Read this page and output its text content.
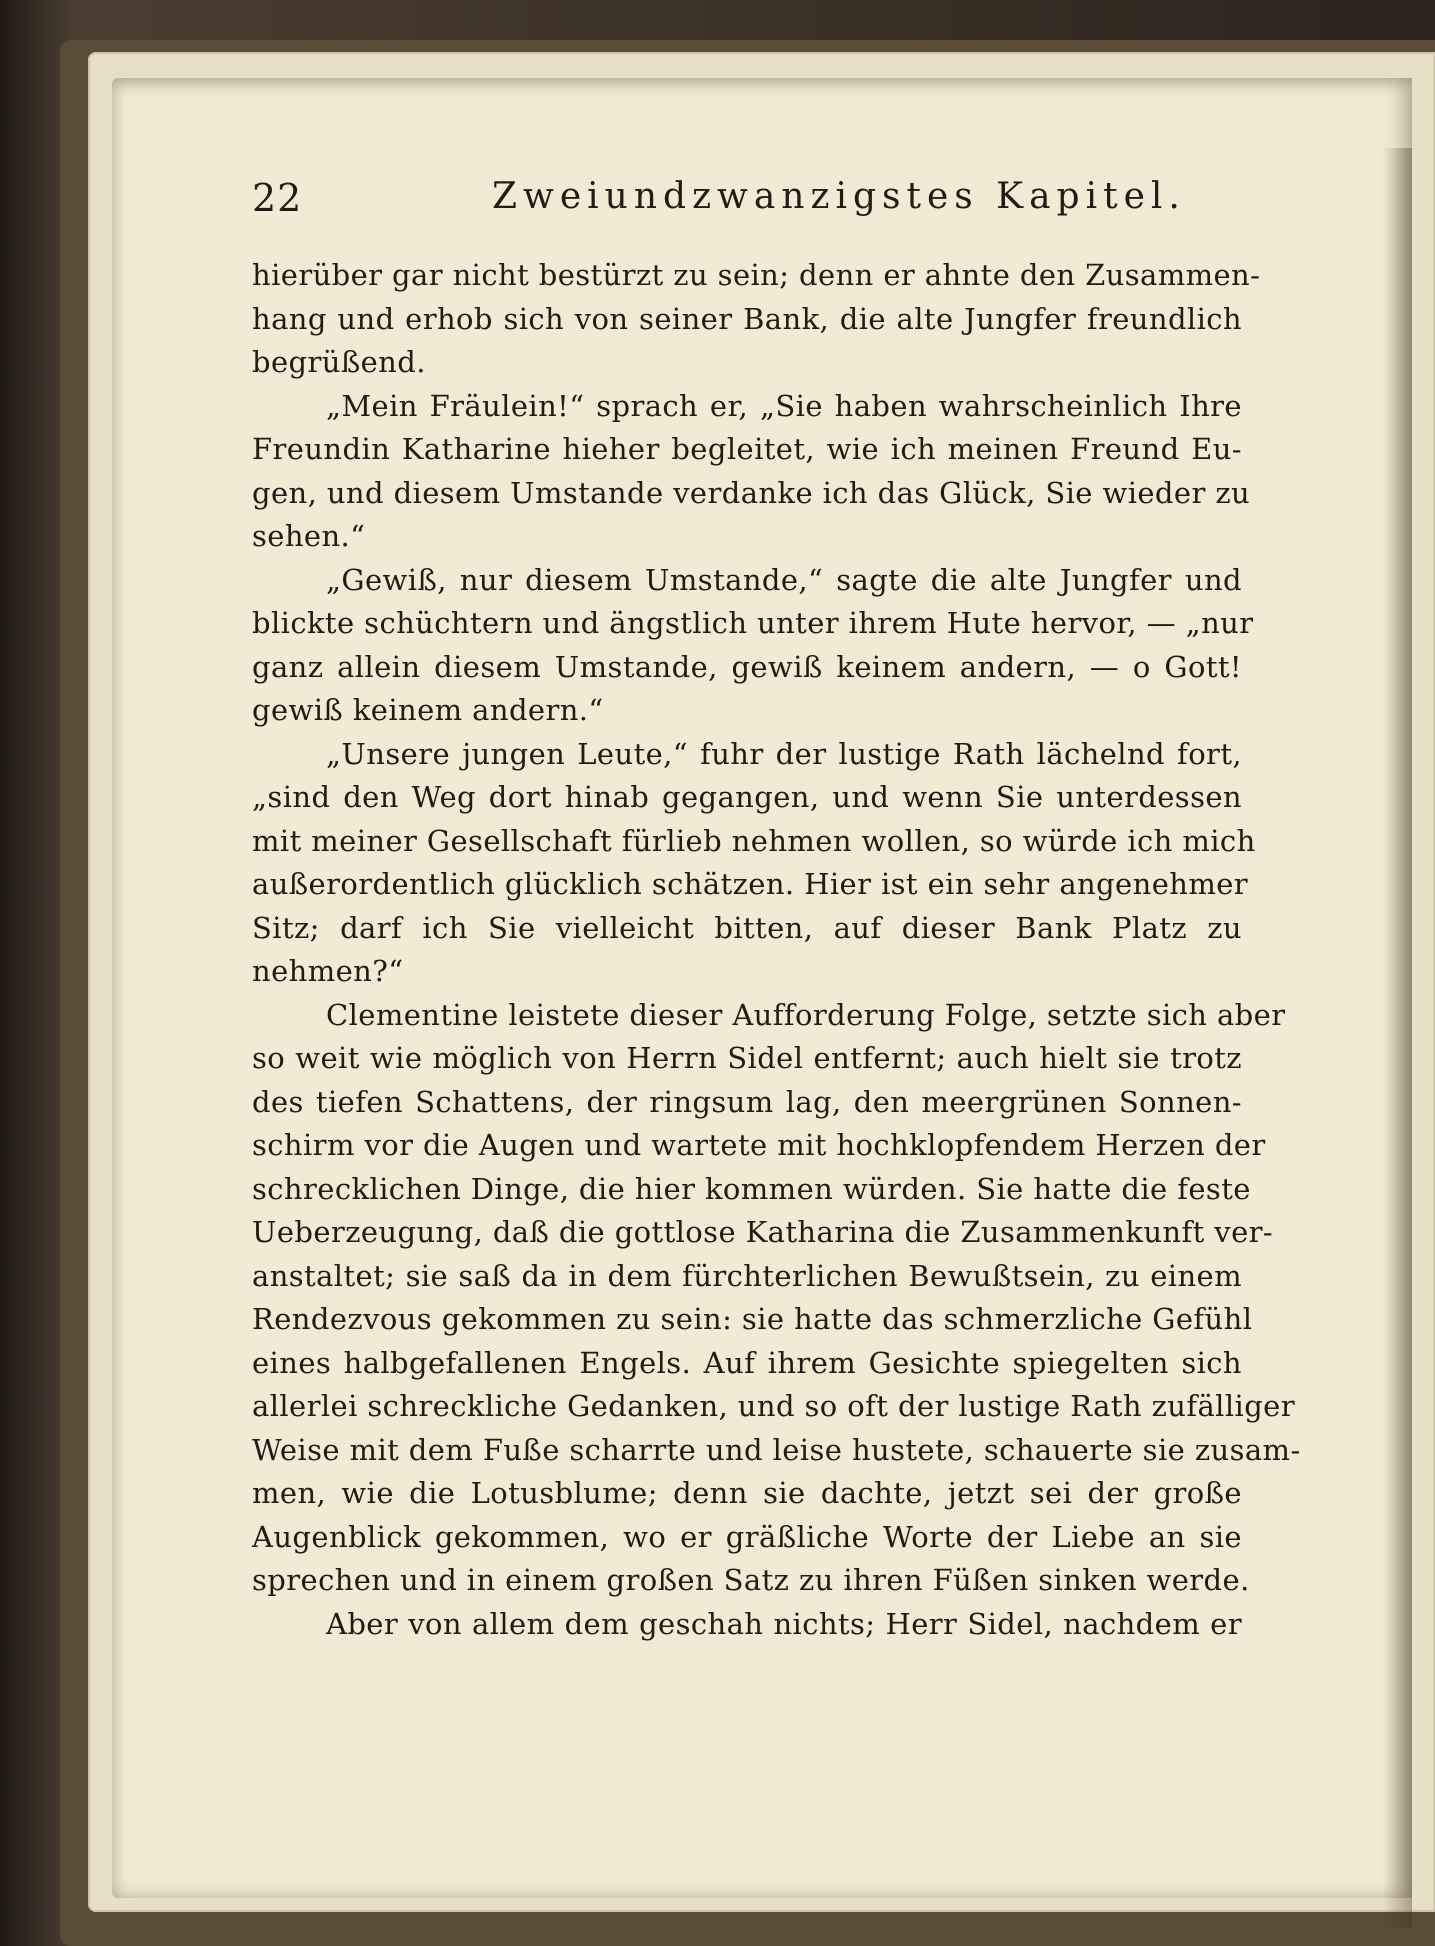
22	Zweiundzwanzigstes Kapitel.
hierüber gar nicht bestürzt zu sein; denn er ahnte den Zusammen-
hang und erhob sich von seiner Bank, die alte Jungfer freundlich
begrüßend.
„Mein Fräulein!“ sprach er, „Sie haben wahrscheinlich Ihre
Freundin Katharine hieher begleitet, wie ich meinen Freund Eu-
gen, und diesem Umstande verdanke ich das Glück, Sie wieder zu
sehen.“
„Gewiß, nur diesem Umstande,“ sagte die alte Jungfer und
blickte schüchtern und ängstlich unter ihrem Hute hervor, — „nur
ganz allein diesem Umstande, gewiß keinem andern, — o Gott!
gewiß keinem andern.“
„Unsere jungen Leute,“ fuhr der lustige Rath lächelnd fort,
„sind den Weg dort hinab gegangen, und wenn Sie unterdessen
mit meiner Gesellschaft fürlieb nehmen wollen, so würde ich mich
außerordentlich glücklich schätzen. Hier ist ein sehr angenehmer
Sitz; darf ich Sie vielleicht bitten, auf dieser Bank Platz zu
nehmen?“
Clementine leistete dieser Aufforderung Folge, setzte sich aber
so weit wie möglich von Herrn Sidel entfernt; auch hielt sie trotz
des tiefen Schattens, der ringsum lag, den meergrünen Sonnen-
schirm vor die Augen und wartete mit hochklopfendem Herzen der
schrecklichen Dinge, die hier kommen würden. Sie hatte die feste
Ueberzeugung, daß die gottlose Katharina die Zusammenkunft ver-
anstaltet; sie saß da in dem fürchterlichen Bewußtsein, zu einem
Rendezvous gekommen zu sein: sie hatte das schmerzliche Gefühl
eines halbgefallenen Engels. Auf ihrem Gesichte spiegelten sich
allerlei schreckliche Gedanken, und so oft der lustige Rath zufälliger
Weise mit dem Fuße scharrte und leise hustete, schauerte sie zusam-
men, wie die Lotusblume; denn sie dachte, jetzt sei der große
Augenblick gekommen, wo er gräßliche Worte der Liebe an sie
sprechen und in einem großen Satz zu ihren Füßen sinken werde.
Aber von allem dem geschah nichts; Herr Sidel, nachdem er
